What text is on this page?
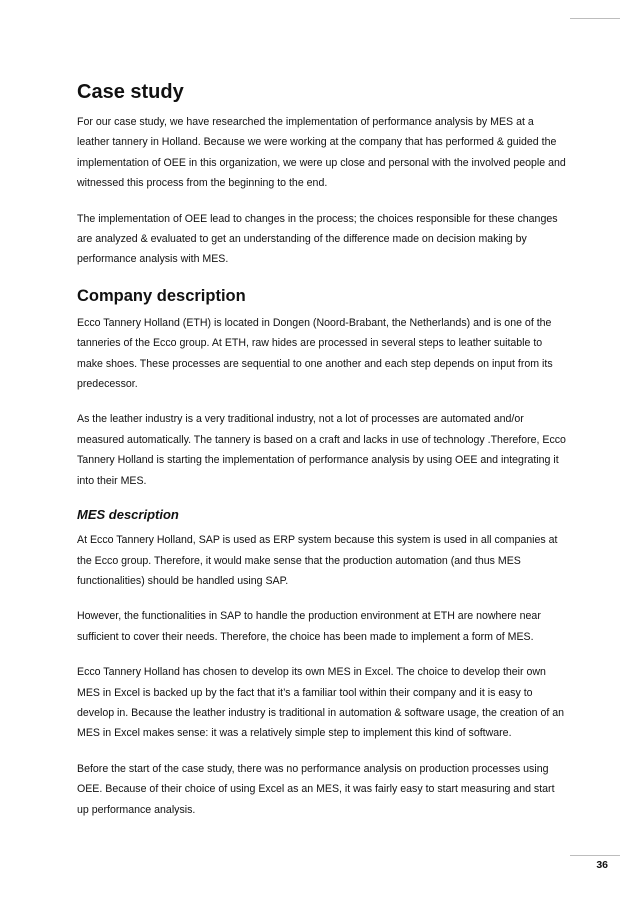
Case study

For our case study, we have researched the implementation of performance analysis by MES at a leather tannery in Holland. Because we were working at the company that has performed & guided the implementation of OEE in this organization, we were up close and personal with the involved people and witnessed this process from the beginning to the end.

The implementation of OEE lead to changes in the process; the choices responsible for these changes are analyzed & evaluated to get an understanding of the difference made on decision making by performance analysis with MES.

Company description

Ecco Tannery Holland (ETH) is located in Dongen (Noord-Brabant, the Netherlands) and is one of the tanneries of the Ecco group. At ETH, raw hides are processed in several steps to leather suitable to make shoes. These processes are sequential to one another and each step depends on input from its predecessor.

As the leather industry is a very traditional industry, not a lot of processes are automated and/or measured automatically. The tannery is based on a craft and lacks in use of technology .Therefore, Ecco Tannery Holland is starting the implementation of performance analysis by using OEE and integrating it into their MES.

MES description

At Ecco Tannery Holland, SAP is used as ERP system because this system is used in all companies at the Ecco group. Therefore, it would make sense that the production automation (and thus MES functionalities) should be handled using SAP.

However, the functionalities in SAP to handle the production environment at ETH are nowhere near sufficient to cover their needs. Therefore, the choice has been made to implement a form of MES.

Ecco Tannery Holland has chosen to develop its own MES in Excel. The choice to develop their own MES in Excel is backed up by the fact that it’s a familiar tool within their company and it is easy to develop in. Because the leather industry is traditional in automation & software usage, the creation of an MES in Excel makes sense: it was a relatively simple step to implement this kind of software.

Before the start of the case study, there was no performance analysis on production processes using OEE. Because of their choice of using Excel as an MES, it was fairly easy to start measuring and start up performance analysis.

36
